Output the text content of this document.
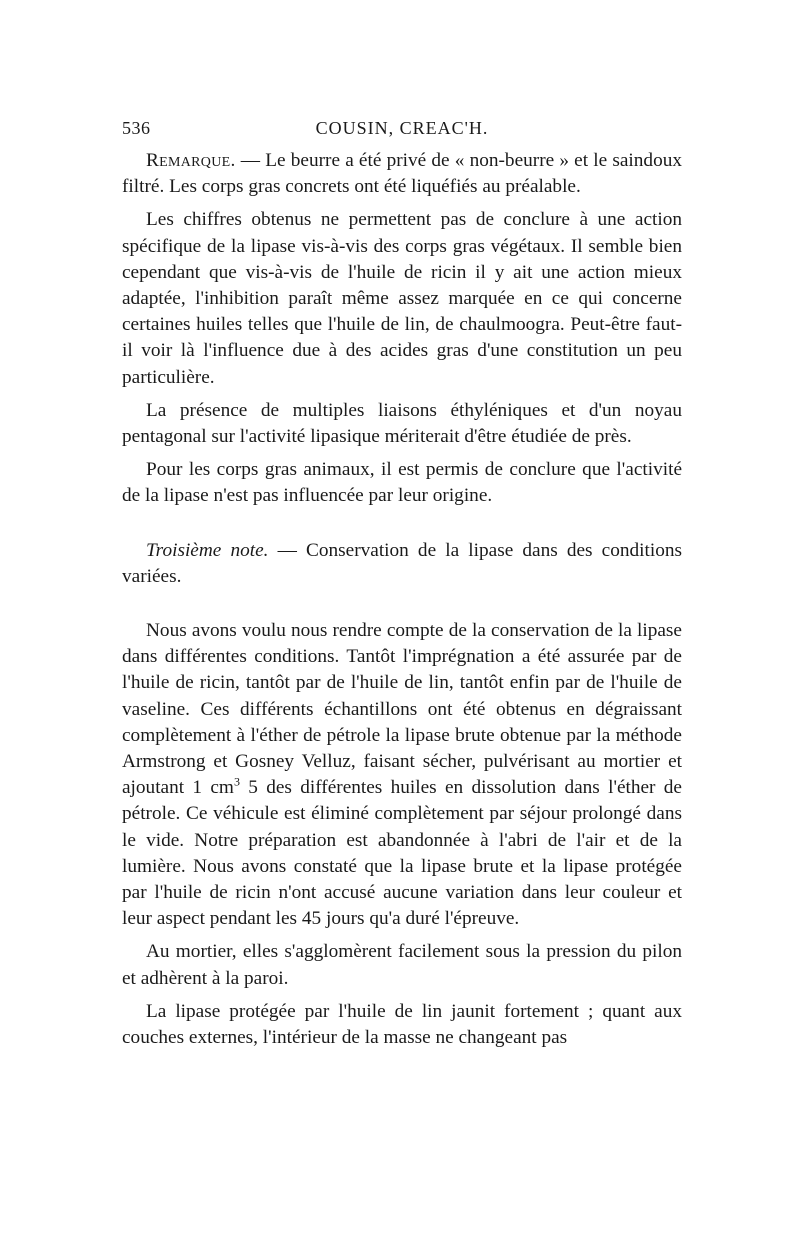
536	COUSIN, CREAC'H.

Remarque. — Le beurre a été privé de « non-beurre » et le saindoux filtré. Les corps gras concrets ont été liquéfiés au préalable.

Les chiffres obtenus ne permettent pas de conclure à une action spécifique de la lipase vis-à-vis des corps gras végétaux. Il semble bien cependant que vis-à-vis de l'huile de ricin il y ait une action mieux adaptée, l'inhibition paraît même assez marquée en ce qui concerne certaines huiles telles que l'huile de lin, de chaulmoogra. Peut-être faut-il voir là l'influence due à des acides gras d'une constitution un peu particulière.

La présence de multiples liaisons éthyléniques et d'un noyau pentagonal sur l'activité lipasique mériterait d'être étudiée de près.

Pour les corps gras animaux, il est permis de conclure que l'activité de la lipase n'est pas influencée par leur origine.

Troisième note. — Conservation de la lipase dans des conditions variées.

Nous avons voulu nous rendre compte de la conservation de la lipase dans différentes conditions. Tantôt l'imprégnation a été assurée par de l'huile de ricin, tantôt par de l'huile de lin, tantôt enfin par de l'huile de vaseline. Ces différents échantillons ont été obtenus en dégraissant complètement à l'éther de pétrole la lipase brute obtenue par la méthode Armstrong et Gosney Velluz, faisant sécher, pulvérisant au mortier et ajoutant 1 $cm^3$ 5 des différentes huiles en dissolution dans l'éther de pétrole. Ce véhicule est éliminé complètement par séjour prolongé dans le vide. Notre préparation est abandonnée à l'abri de l'air et de la lumière. Nous avons constaté que la lipase brute et la lipase protégée par l'huile de ricin n'ont accusé aucune variation dans leur couleur et leur aspect pendant les 45 jours qu'a duré l'épreuve.

Au mortier, elles s'agglomèrent facilement sous la pression du pilon et adhèrent à la paroi.

La lipase protégée par l'huile de lin jaunit fortement ; quant aux couches externes, l'intérieur de la masse ne changeant pas
